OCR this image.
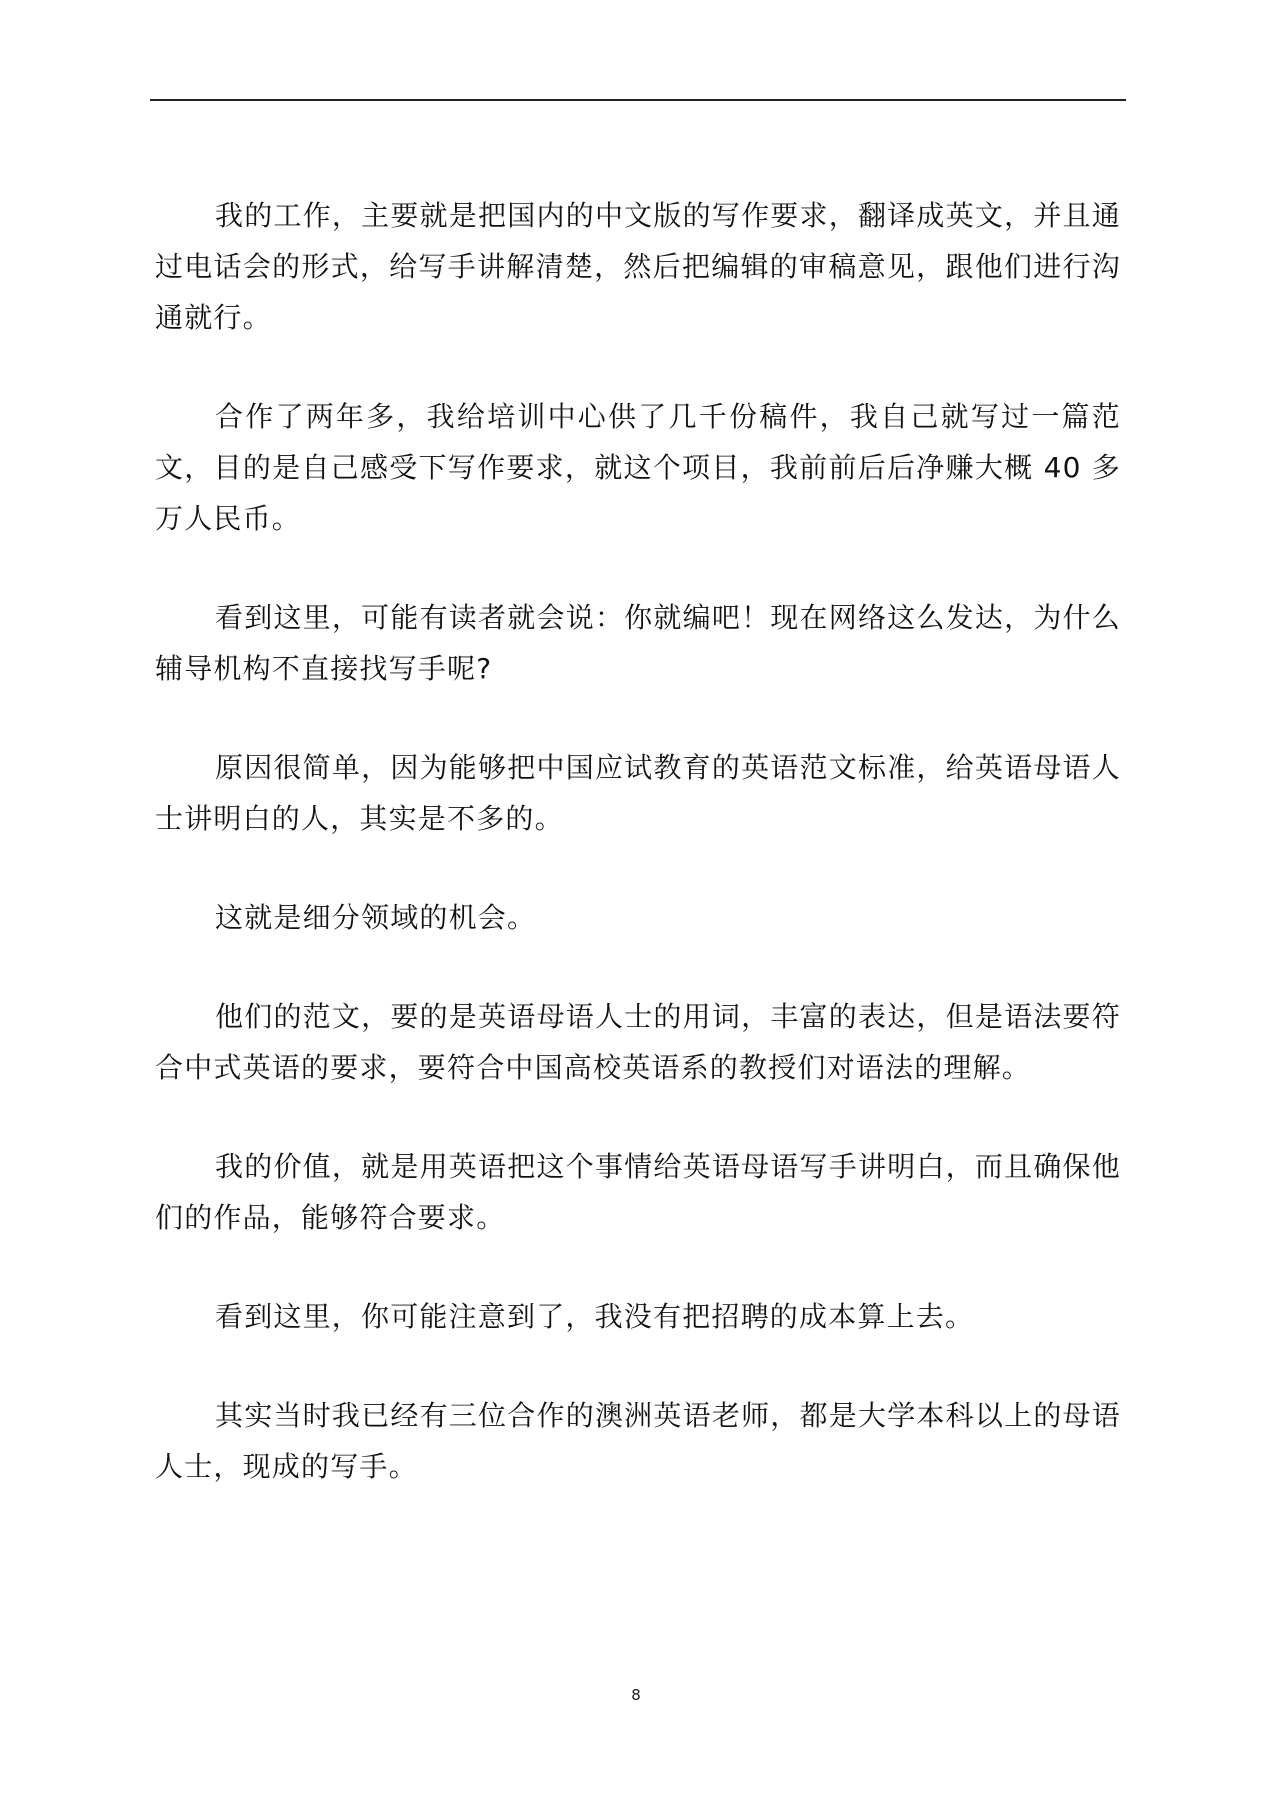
我的工作，主要就是把国内的中文版的写作要求，翻译成英文，并且通过电话会的形式，给写手讲解清楚，然后把编辑的审稿意见，跟他们进行沟通就行。

合作了两年多，我给培训中心供了几千份稿件，我自己就写过一篇范文，目的是自己感受下写作要求，就这个项目，我前前后后净赚大概 40 多万人民币。

看到这里，可能有读者就会说：你就编吧！现在网络这么发达，为什么辅导机构不直接找写手呢?

原因很简单，因为能够把中国应试教育的英语范文标准，给英语母语人士讲明白的人，其实是不多的。

这就是细分领域的机会。

他们的范文，要的是英语母语人士的用词，丰富的表达，但是语法要符合中式英语的要求，要符合中国高校英语系的教授们对语法的理解。

我的价值，就是用英语把这个事情给英语母语写手讲明白，而且确保他们的作品，能够符合要求。

看到这里，你可能注意到了，我没有把招聘的成本算上去。

其实当时我已经有三位合作的澳洲英语老师，都是大学本科以上的母语人士，现成的写手。

8
